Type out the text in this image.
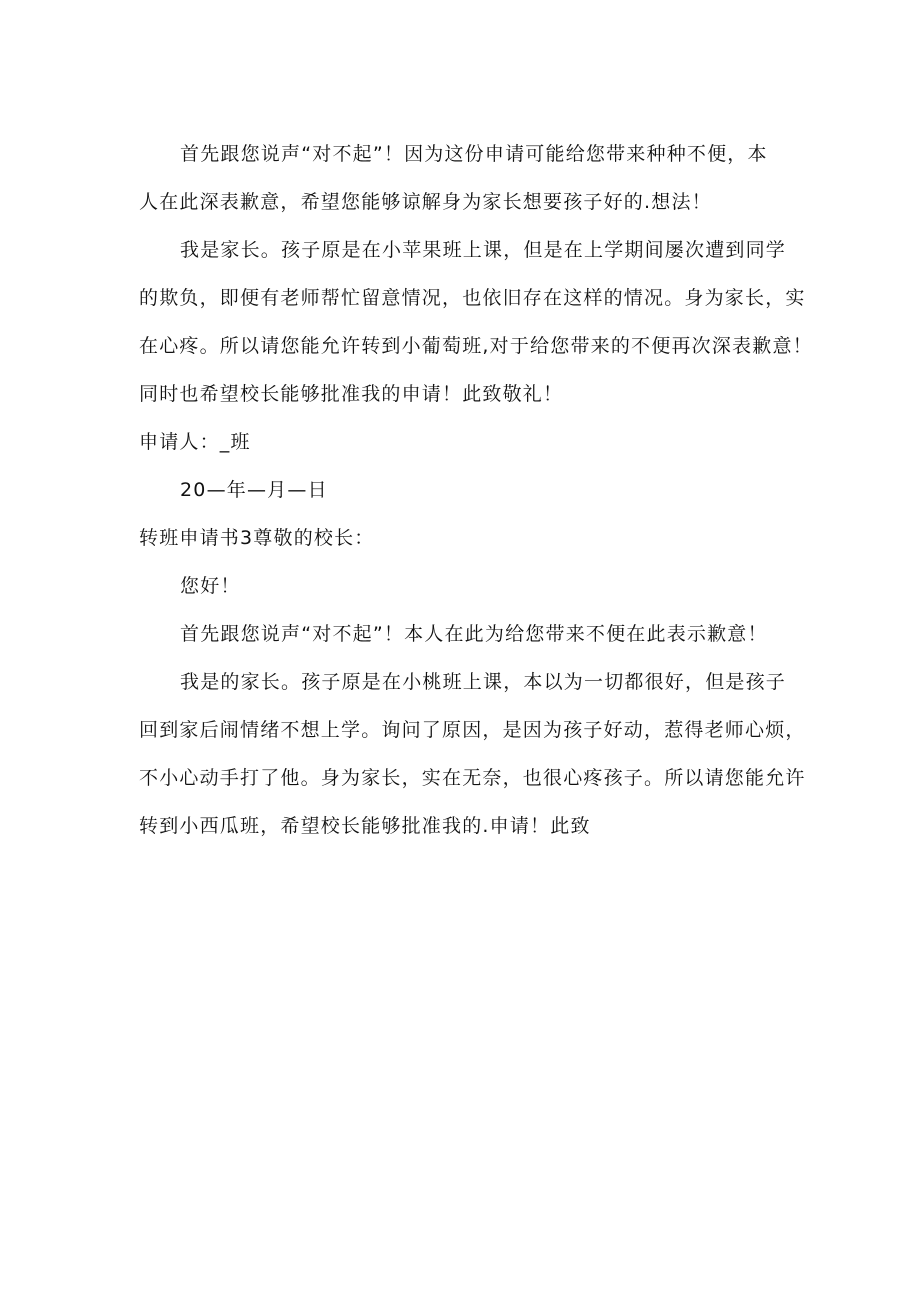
首先跟您说声“对不起”！因为这份申请可能给您带来种种不便，本
人在此深表歉意，希望您能够谅解身为家长想要孩子好的.想法！
我是家长。孩子原是在小苹果班上课，但是在上学期间屡次遭到同学
的欺负，即便有老师帮忙留意情况，也依旧存在这样的情况。身为家长，实
在心疼。所以请您能允许转到小葡萄班,对于给您带来的不便再次深表歉意！
同时也希望校长能够批准我的申请！此致敬礼！
申请人：_班
20—年—月—日
转班申请书3尊敬的校长：
您好！
首先跟您说声“对不起”！本人在此为给您带来不便在此表示歉意！
我是的家长。孩子原是在小桃班上课，本以为一切都很好，但是孩子
回到家后闹情绪不想上学。询问了原因，是因为孩子好动，惹得老师心烦，
不小心动手打了他。身为家长，实在无奈，也很心疼孩子。所以请您能允许
转到小西瓜班，希望校长能够批准我的.申请！此致
